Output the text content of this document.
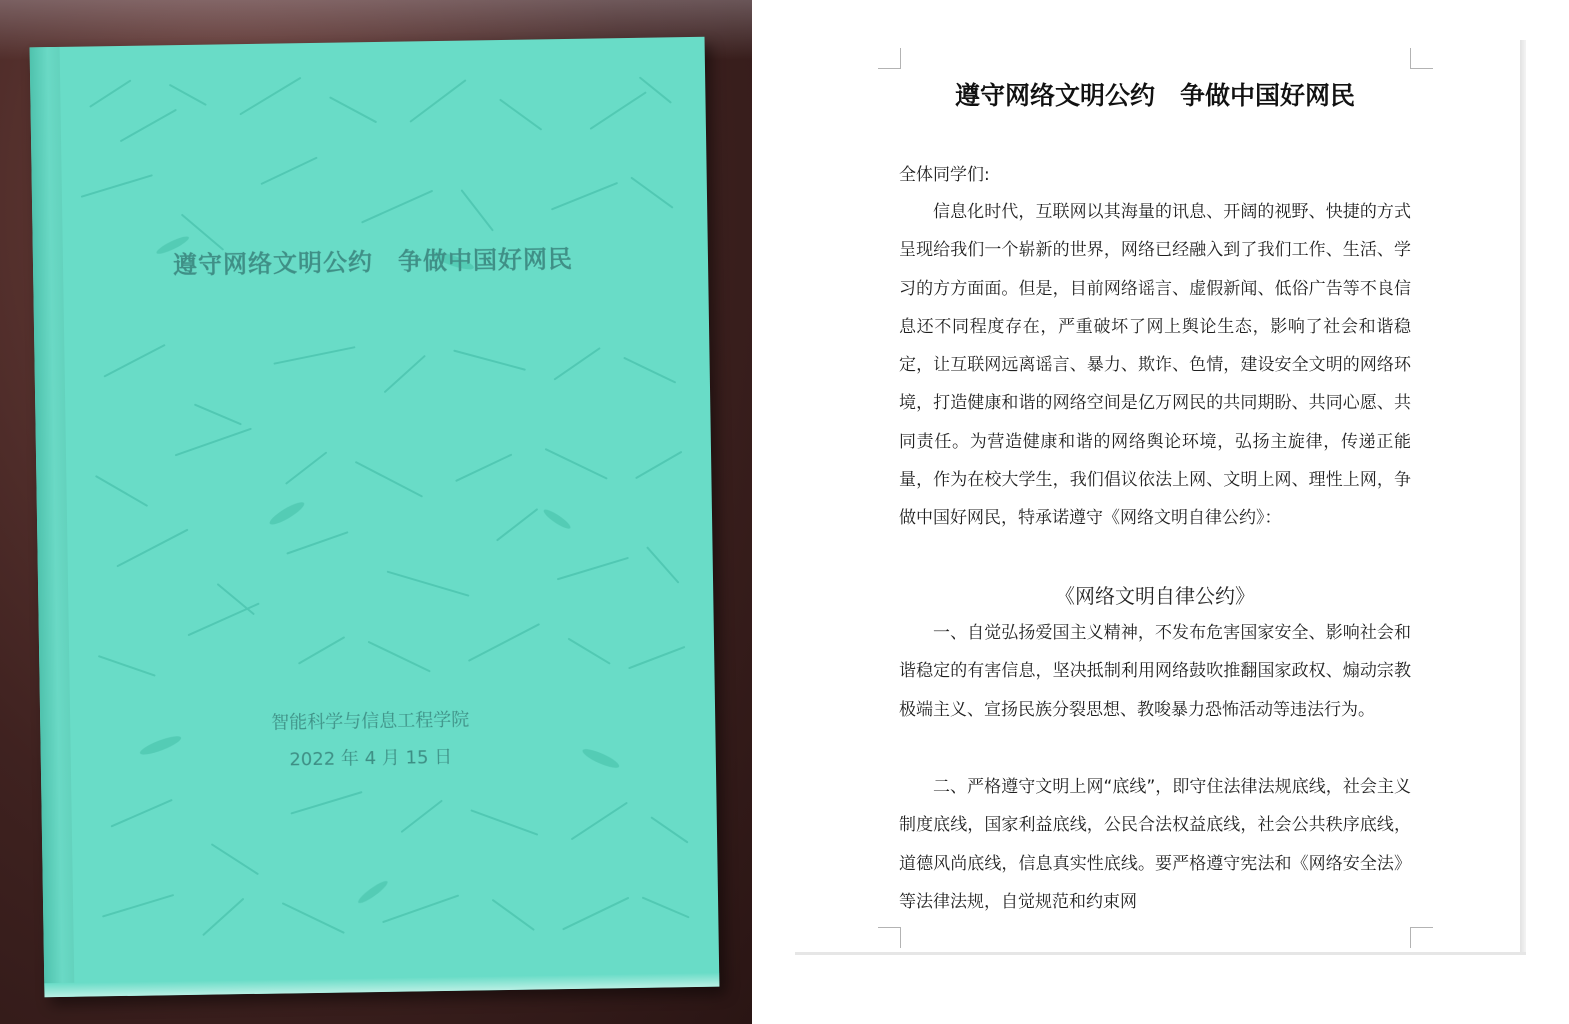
遵守网络文明公约　争做中国好网民
智能科学与信息工程学院
2022 年 4 月 15 日
遵守网络文明公约　争做中国好网民
全体同学们:

信息化时代，互联网以其海量的讯息、开阔的视野、快捷的方式呈现给我们一个崭新的世界，网络已经融入到了我们工作、生活、学习的方方面面。但是，目前网络谣言、虚假新闻、低俗广告等不良信息还不同程度存在，严重破坏了网上舆论生态，影响了社会和谐稳定，让互联网远离谣言、暴力、欺诈、色情，建设安全文明的网络环境，打造健康和谐的网络空间是亿万网民的共同期盼、共同心愿、共同责任。为营造健康和谐的网络舆论环境，弘扬主旋律，传递正能量，作为在校大学生，我们倡议依法上网、文明上网、理性上网，争做中国好网民，特承诺遵守《网络文明自律公约》：

《网络文明自律公约》

一、自觉弘扬爱国主义精神，不发布危害国家安全、影响社会和谐稳定的有害信息，坚决抵制利用网络鼓吹推翻国家政权、煽动宗教极端主义、宣扬民族分裂思想、教唆暴力恐怖活动等违法行为。

二、严格遵守文明上网“底线”，即守住法律法规底线，社会主义制度底线，国家利益底线，公民合法权益底线，社会公共秩序底线，道德风尚底线，信息真实性底线。要严格遵守宪法和《网络安全法》等法律法规，自觉规范和约束网
